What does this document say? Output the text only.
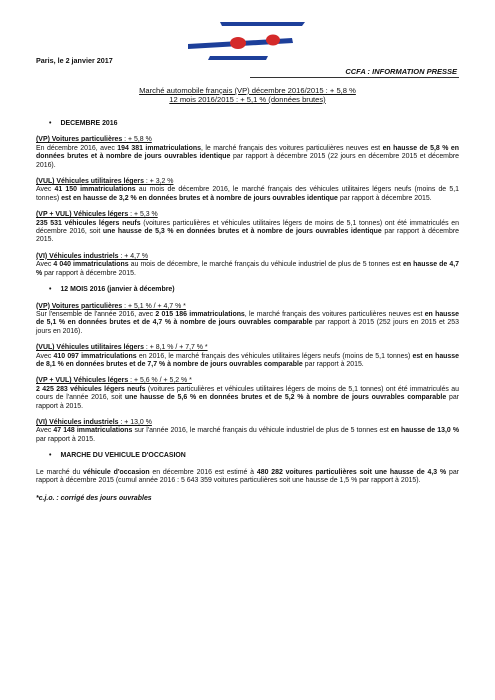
Paris, le 2 janvier 2017
CCFA : INFORMATION PRESSE
Marché automobile français (VP) décembre 2016/2015 : + 5,8 %
12 mois 2016/2015 : + 5,1 % (données brutes)
• DECEMBRE 2016
(VP) Voitures particulières : + 5,8 %
En décembre 2016, avec 194 381 immatriculations, le marché français des voitures particulières neuves est en hausse de 5,8 % en données brutes et à nombre de jours ouvrables identique par rapport à décembre 2015 (22 jours en décembre 2015 et décembre 2016).
(VUL) Véhicules utilitaires légers : + 3,2 %
Avec 41 150 immatriculations au mois de décembre 2016, le marché français des véhicules utilitaires légers neufs (moins de 5,1 tonnes) est en hausse de 3,2 % en données brutes et à nombre de jours ouvrables identique par rapport à décembre 2015.
(VP + VUL) Véhicules légers : + 5,3 %
235 531 véhicules légers neufs (voitures particulières et véhicules utilitaires légers de moins de 5,1 tonnes) ont été immatriculés en décembre 2016, soit une hausse de 5,3 % en données brutes et à nombre de jours ouvrables identique par rapport à décembre 2015.
(VI) Véhicules industriels : + 4,7 %
Avec 4 040 immatriculations au mois de décembre, le marché français du véhicule industriel de plus de 5 tonnes est en hausse de 4,7 % par rapport à décembre 2015.
• 12 MOIS 2016 (janvier à décembre)
(VP) Voitures particulières : + 5,1 % / + 4,7 % *
Sur l'ensemble de l'année 2016, avec 2 015 186 immatriculations, le marché français des voitures particulières neuves est en hausse de 5,1 % en données brutes et de 4,7 % à nombre de jours ouvrables comparable par rapport à 2015 (252 jours en 2015 et 253 jours en 2016).
(VUL) Véhicules utilitaires légers : + 8,1 % / + 7,7 % *
Avec 410 097 immatriculations en 2016, le marché français des véhicules utilitaires légers neufs (moins de 5,1 tonnes) est en hausse de 8,1 % en données brutes et de 7,7 % à nombre de jours ouvrables comparable par rapport à 2015.
(VP + VUL) Véhicules légers : + 5,6 % / + 5,2 % *
2 425 283 véhicules légers neufs (voitures particulières et véhicules utilitaires légers de moins de 5,1 tonnes) ont été immatriculés au cours de l'année 2016, soit une hausse de 5,6 % en données brutes et de 5,2 % à nombre de jours ouvrables comparable par rapport à 2015.
(VI) Véhicules industriels : + 13,0 %
Avec 47 148 immatriculations sur l'année 2016, le marché français du véhicule industriel de plus de 5 tonnes est en hausse de 13,0 % par rapport à 2015.
• MARCHE DU VEHICULE D'OCCASION
Le marché du véhicule d'occasion en décembre 2016 est estimé à 480 282 voitures particulières soit une hausse de 4,3 % par rapport à décembre 2015 (cumul année 2016 : 5 643 359 voitures particulières soit une hausse de 1,5 % par rapport à 2015).
*c.j.o. : corrigé des jours ouvrables
